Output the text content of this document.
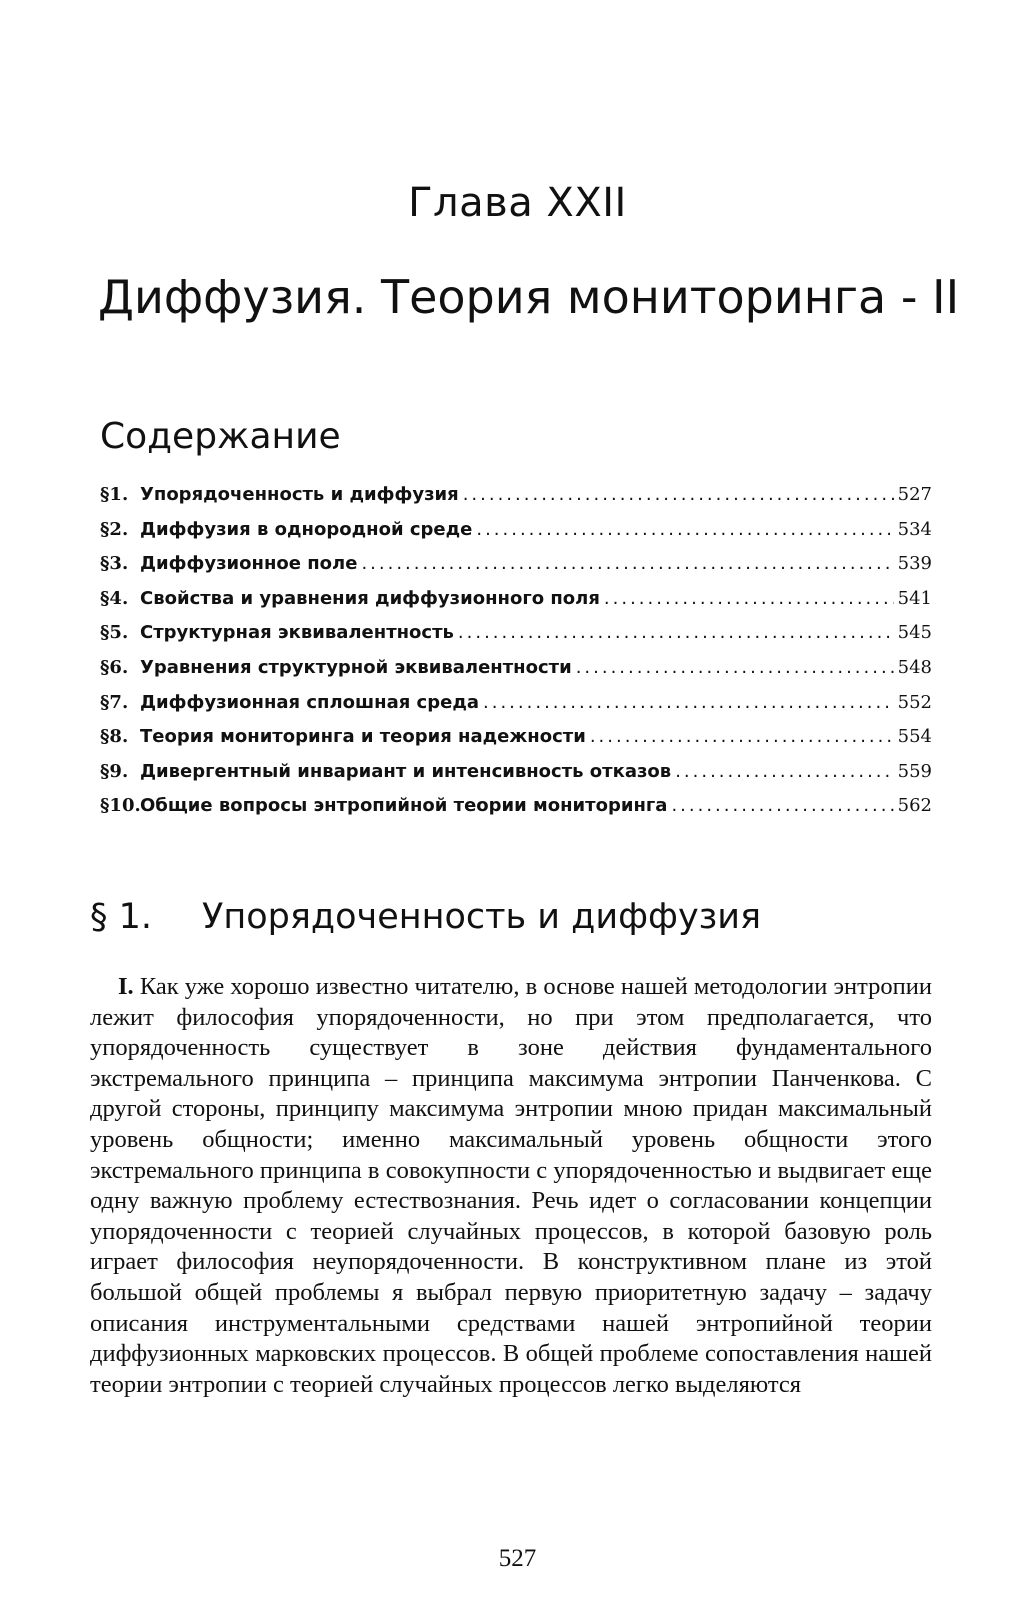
Глава XXII
Диффузия. Теория мониторинга - II
Содержание
§1. Упорядоченность и диффузия .....	527
§2. Диффузия в однородной среде .....	534
§3. Диффузионное поле .....	539
§4. Свойства и уравнения диффузионного поля .....	541
§5. Структурная эквивалентность .....	545
§6. Уравнения структурной эквивалентности .....	548
§7. Диффузионная сплошная среда .....	552
§8. Теория мониторинга и теория надежности .....	554
§9. Дивергентный инвариант и интенсивность отказов .....	559
§10. Общие вопросы энтропийной теории мониторинга .....	562
§ 1. Упорядоченность и диффузия

I. Как уже хорошо известно читателю, в основе нашей методологии энтропии лежит философия упорядоченности, но при этом предполагается, что упорядоченность существует в зоне действия фундаментального экстремального принципа – принципа максимума энтропии Панченкова. С другой стороны, принципу максимума энтропии мною придан максимальный уровень общности; именно максимальный уровень общности этого экстремального принципа в совокупности с упорядоченностью и выдвигает еще одну важную проблему естествознания. Речь идет о согласовании концепции упорядоченности с теорией случайных процессов, в которой базовую роль играет философия неупорядоченности. В конструктивном плане из этой большой общей проблемы я выбрал первую приоритетную задачу – задачу описания инструментальными средствами нашей энтропийной теории диффузионных марковских процессов. В общей проблеме сопоставления нашей теории энтропии с теорией случайных процессов легко выделяются

527
